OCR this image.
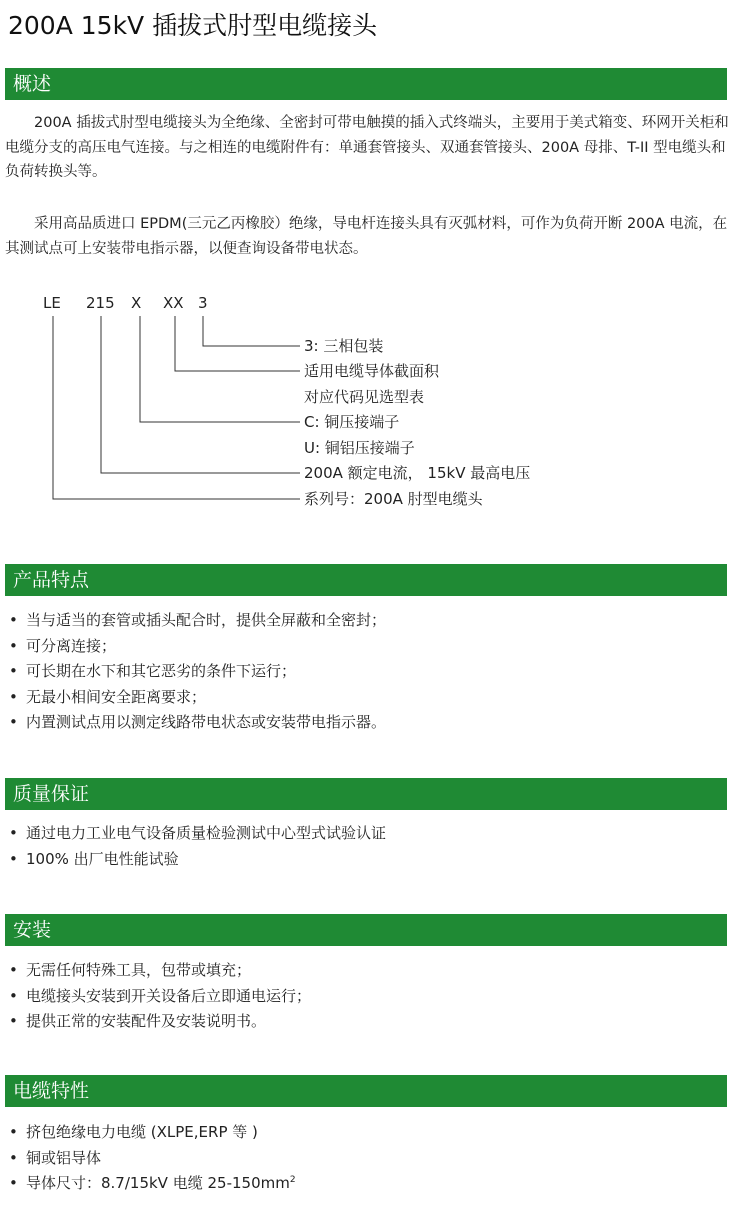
200A 15kV 插拔式肘型电缆接头
概述

200A 插拔式肘型电缆接头为全绝缘、全密封可带电触摸的插入式终端头，主要用于美式箱变、环网开关柜和电缆分支的高压电气连接。与之相连的电缆附件有：单通套管接头、双通套管接头、200A 母排、T-II 型电缆头和负荷转换头等。

采用高品质进口 EPDM(三元乙丙橡胶）绝缘，导电杆连接头具有灭弧材料，可作为负荷开断 200A 电流，在其测试点可上安装带电指示器，以便查询设备带电状态。

LE 215 X XX 3
3: 三相包装
适用电缆导体截面积
对应代码见选型表
C: 铜压接端子
U: 铜铝压接端子
200A 额定电流， 15kV 最高电压
系列号：200A 肘型电缆头
产品特点
• 当与适当的套管或插头配合时，提供全屏蔽和全密封；
• 可分离连接；
• 可长期在水下和其它恶劣的条件下运行；
• 无最小相间安全距离要求；
• 内置测试点用以测定线路带电状态或安装带电指示器。
质量保证
• 通过电力工业电气设备质量检验测试中心型式试验认证
• 100% 出厂电性能试验
安装
• 无需任何特殊工具，包带或填充；
• 电缆接头安装到开关设备后立即通电运行；
• 提供正常的安装配件及安装说明书。
电缆特性
• 挤包绝缘电力电缆 (XLPE,ERP 等 )
• 铜或铝导体
• 导体尺寸：8.7/15kV 电缆 $25-150mm^2$
